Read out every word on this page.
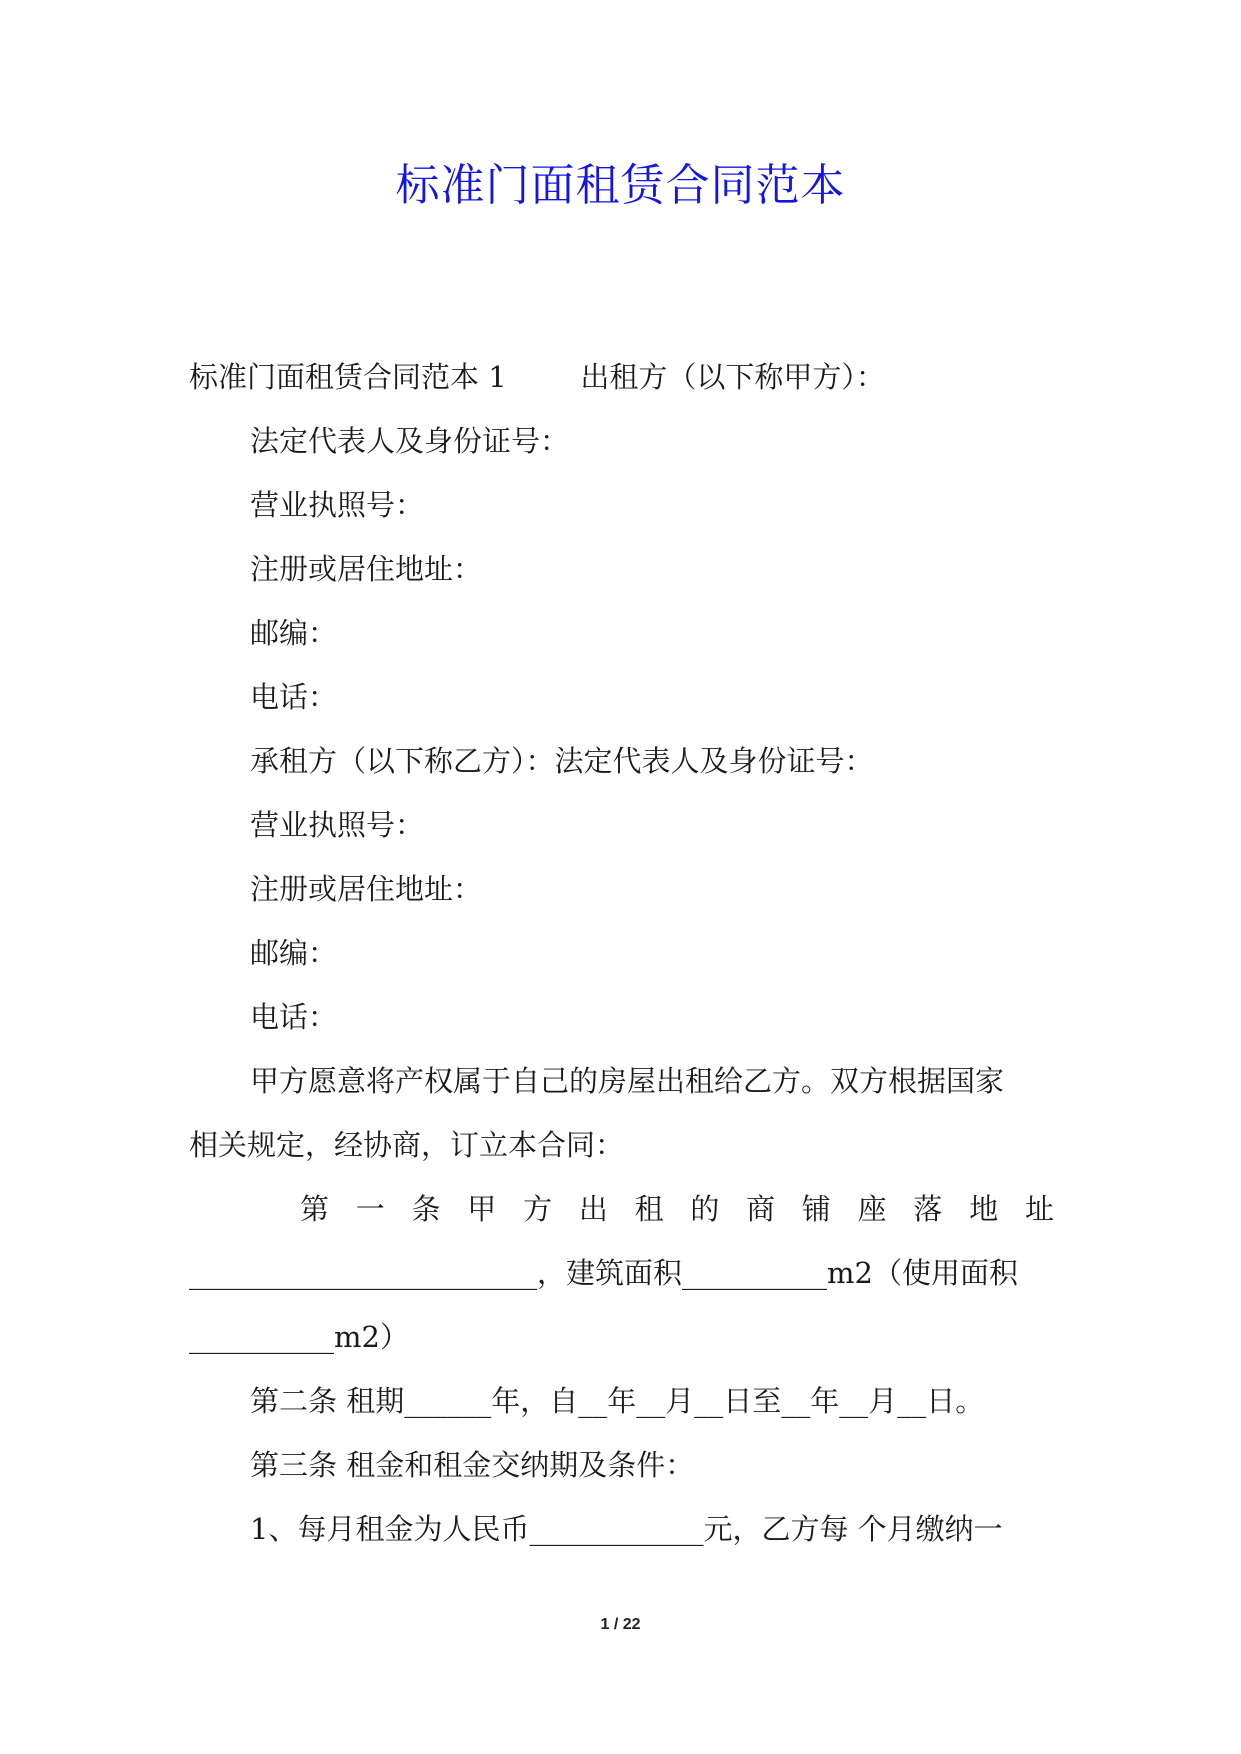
标准门面租赁合同范本
标准门面租赁合同范本 1        出租方（以下称甲方）：
法定代表人及身份证号：
营业执照号：
注册或居住地址：
邮编：
电话：
承租方（以下称乙方）：法定代表人及身份证号：
营业执照号：
注册或居住地址：
邮编：
电话：
甲方愿意将产权属于自己的房屋出租给乙方。双方根据国家
相关规定，经协商，订立本合同：
第 一 条 甲 方 出 租 的 商 铺 座 落 地 址
________________________，建筑面积__________m2（使用面积
__________m2）
第二条 租期______年，自__年__月__日至__年__月__日。
第三条 租金和租金交纳期及条件：
1、每月租金为人民币____________元，乙方每 个月缴纳一
1 / 22
